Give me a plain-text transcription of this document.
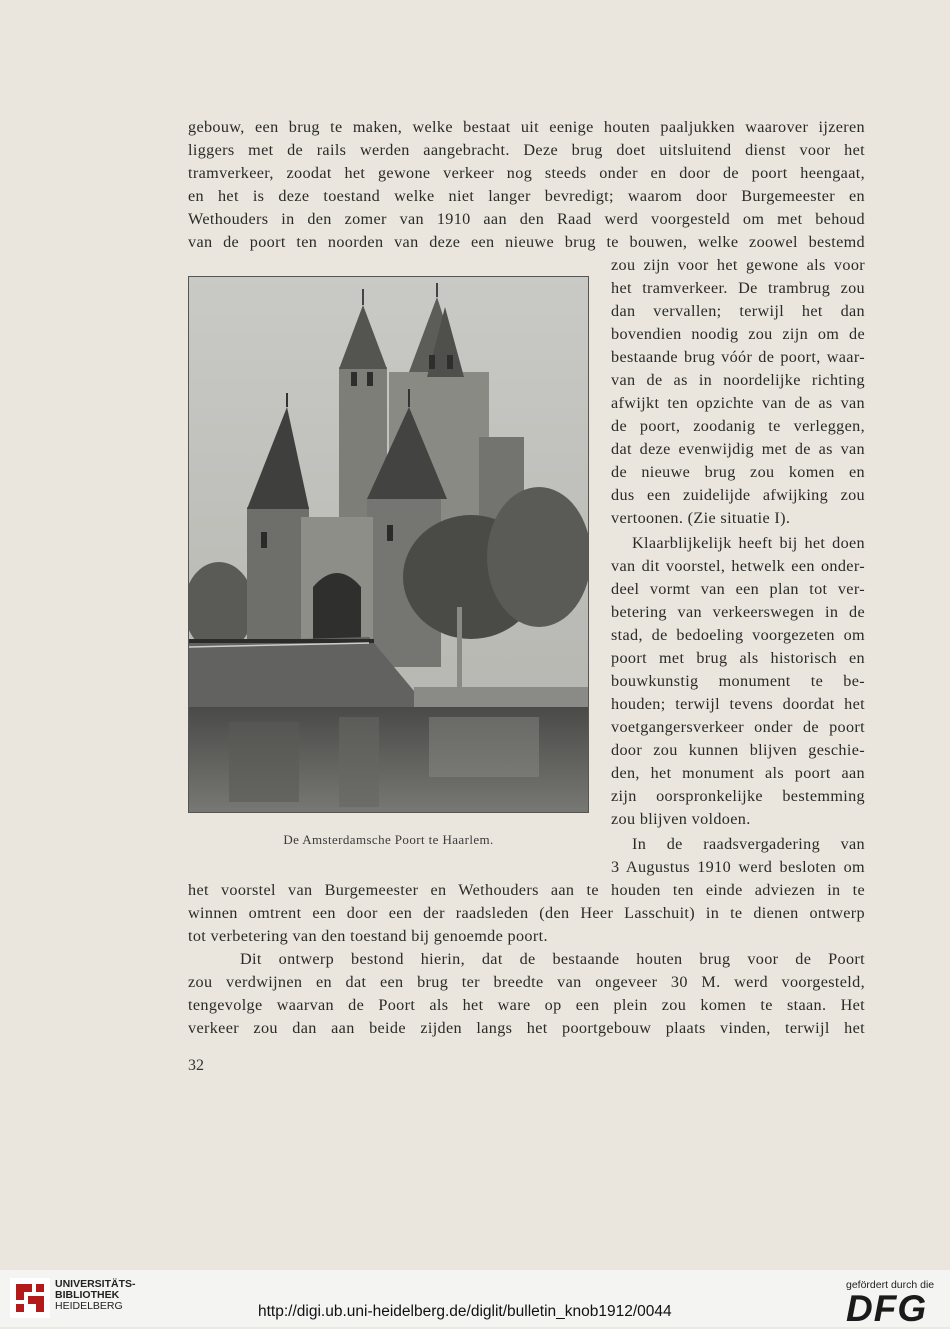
gebouw, een brug te maken, welke bestaat uit eenige houten paaljukken waarover ijzeren
liggers met de rails werden aangebracht. Deze brug doet uitsluitend dienst voor het
tramverkeer, zoodat het gewone verkeer nog steeds onder en door de poort heengaat,
en het is deze toestand welke niet langer bevredigt; waarom door Burgemeester en
Wethouders in den zomer van 1910 aan den Raad werd voorgesteld om met behoud
van de poort ten noorden van deze een nieuwe brug te bouwen, welke zoowel bestemd
zou zijn voor het gewone als voor
het tramverkeer. De trambrug zou
dan vervallen; terwijl het dan
bovendien noodig zou zijn om de
bestaande brug vóór de poort, waar-
van de as in noordelijke richting
afwijkt ten opzichte van de as van
de poort, zoodanig te verleggen,
dat deze evenwijdig met de as van
de nieuwe brug zou komen en
dus een zuidelijde afwijking zou
vertoonen. (Zie situatie I).
Klaarblijkelijk heeft bij het doen
van dit voorstel, hetwelk een onder-
deel vormt van een plan tot ver-
betering van verkeerswegen in de
stad, de bedoeling voorgezeten om
poort met brug als historisch en
bouwkunstig monument te be-
houden; terwijl tevens doordat het
voetgangersverkeer onder de poort
door zou kunnen blijven geschie-
den, het monument als poort aan
zijn oorspronkelijke bestemming
zou blijven voldoen.
In de raadsvergadering van
3 Augustus 1910 werd besloten om
het voorstel van Burgemeester en Wethouders aan te houden ten einde adviezen in te
winnen omtrent een door een der raadsleden (den Heer Lasschuit) in te dienen ontwerp
tot verbetering van den toestand bij genoemde poort.
Dit ontwerp bestond hierin, dat de bestaande houten brug voor de Poort
zou verdwijnen en dat een brug ter breedte van ongeveer 30 M. werd voorgesteld,
tengevolge waarvan de Poort als het ware op een plein zou komen te staan. Het
verkeer zou dan aan beide zijden langs het poortgebouw plaats vinden, terwijl het
De Amsterdamsche Poort te Haarlem.
32
UNIVERSITÄTS-
BIBLIOTHEK
HEIDELBERG	http://digi.ub.uni-heidelberg.de/diglit/bulletin_knob1912/0044
gefördert durch die
DFG
